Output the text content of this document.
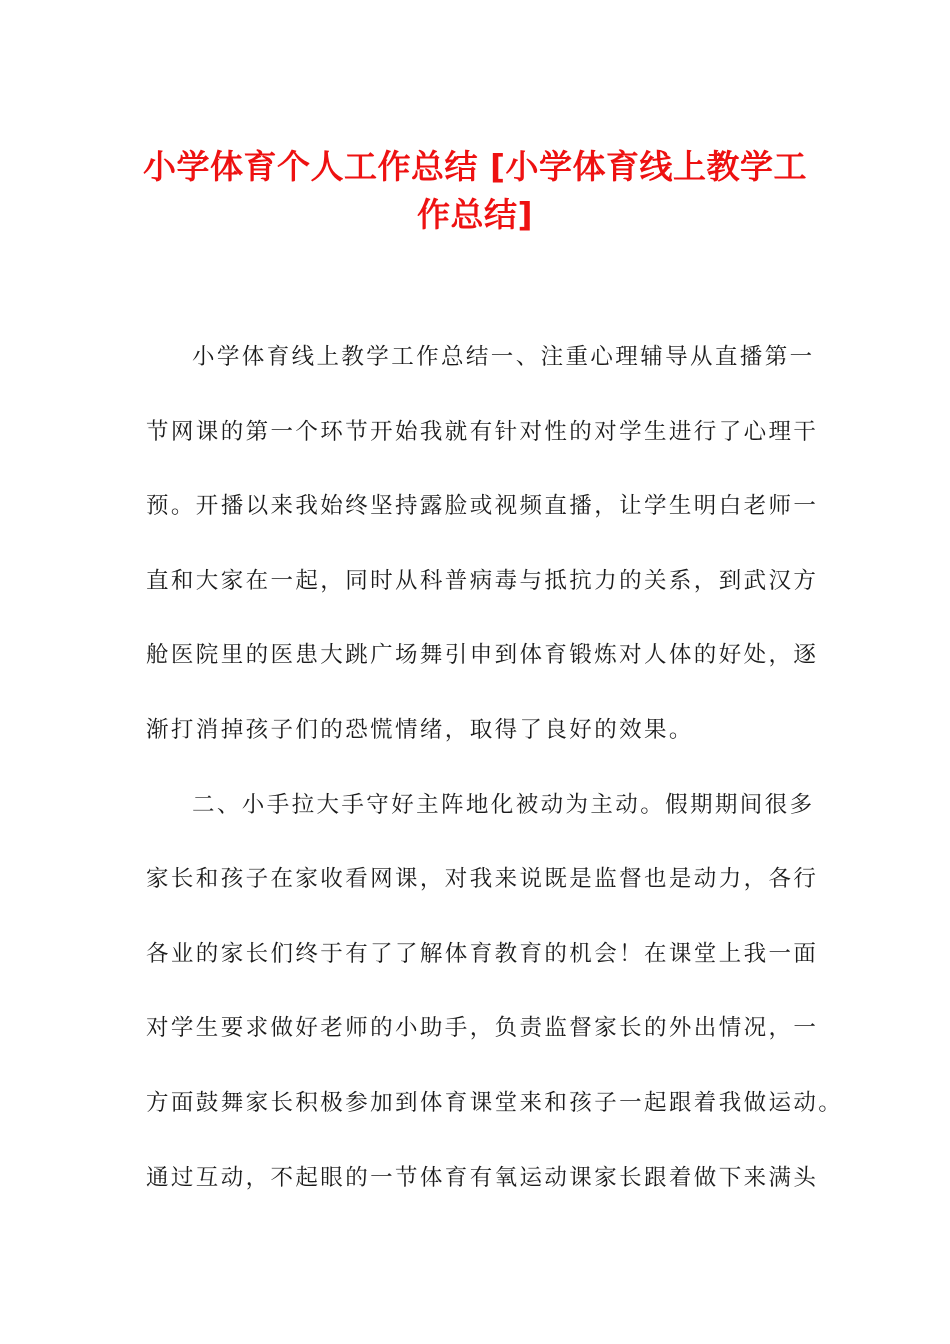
小学体育个人工作总结 [小学体育线上教学工
作总结]
小学体育线上教学工作总结一、注重心理辅导从直播第一
节网课的第一个环节开始我就有针对性的对学生进行了心理干
预。开播以来我始终坚持露脸或视频直播，让学生明白老师一
直和大家在一起，同时从科普病毒与抵抗力的关系，到武汉方
舱医院里的医患大跳广场舞引申到体育锻炼对人体的好处，逐
渐打消掉孩子们的恐慌情绪，取得了良好的效果。
二、小手拉大手守好主阵地化被动为主动。假期期间很多
家长和孩子在家收看网课，对我来说既是监督也是动力，各行
各业的家长们终于有了了解体育教育的机会！在课堂上我一面
对学生要求做好老师的小助手，负责监督家长的外出情况，一
方面鼓舞家长积极参加到体育课堂来和孩子一起跟着我做运动。
通过互动，不起眼的一节体育有氧运动课家长跟着做下来满头
